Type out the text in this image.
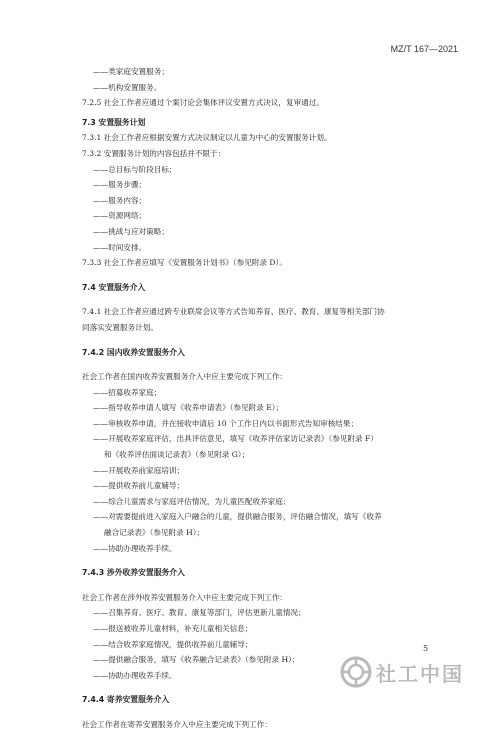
MZ/T 167—2021
——类家庭安置服务；
——机构安置服务。
7.2.5 社会工作者应通过个案讨论会集体评议安置方式决议，复审通过。
7.3 安置服务计划
7.3.1 社会工作者应根据安置方式决议制定以儿童为中心的安置服务计划。
7.3.2 安置服务计划的内容包括并不限于：
——总目标与阶段目标；
——服务步骤；
——服务内容；
——资源网络；
——挑战与应对策略；
——时间安排。
7.3.3 社会工作者应填写《安置服务计划书》（参见附录 D）。
7.4 安置服务介入
7.4.1 社会工作者应通过跨专业联席会议等方式告知养育、医疗、教育、康复等相关部门协
同落实安置服务计划。
7.4.2 国内收养安置服务介入
社会工作者在国内收养安置服务介入中应主要完成下列工作：
——招募收养家庭；
——指导收养申请人填写《收养申请表》（参见附录 E）；
——审核收养申请，并在接收申请后 10 个工作日内以书面形式告知审核结果；
——开展收养家庭评估，出具评估意见，填写《收养评估家访记录表》（参见附录 F）
和《收养评估面谈记录表》（参见附录 G）；
——开展收养前家庭培训；
——提供收养前儿童辅导；
——综合儿童需求与家庭评估情况，为儿童匹配收养家庭；
——对需要提前进入家庭入户融合的儿童，提供融合服务，评估融合情况，填写《收养
融合记录表》（参见附录 H）；
——协助办理收养手续。
7.4.3 涉外收养安置服务介入
社会工作者在涉外收养安置服务介入中应主要完成下列工作：
——召集养育、医疗、教育、康复等部门，评估更新儿童情况；
——报送被收养儿童材料，补充儿童相关信息；
——结合收养家庭情况，提供收养前儿童辅导；
——提供融合服务，填写《收养融合记录表》（参见附录 H）；
——协助办理收养手续。
7.4.4 寄养安置服务介入
社会工作者在寄养安置服务介入中应主要完成下列工作：
5
社工中国
